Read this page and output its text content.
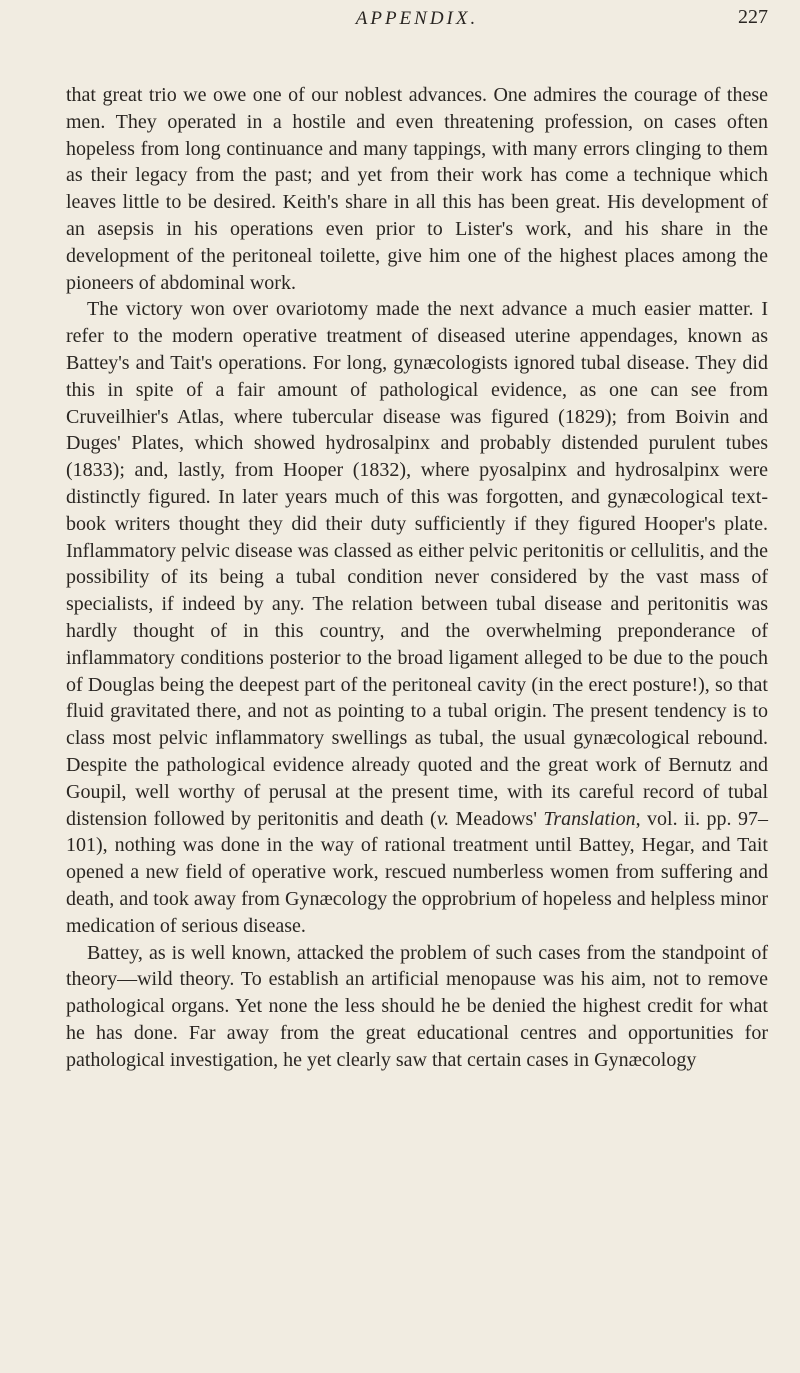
APPENDIX.	227

that great trio we owe one of our noblest advances. One admires the courage of these men. They operated in a hostile and even threatening profession, on cases often hopeless from long continuance and many tappings, with many errors clinging to them as their legacy from the past; and yet from their work has come a technique which leaves little to be desired. Keith's share in all this has been great. His development of an asepsis in his operations even prior to Lister's work, and his share in the development of the peritoneal toilette, give him one of the highest places among the pioneers of abdominal work.

The victory won over ovariotomy made the next advance a much easier matter. I refer to the modern operative treatment of diseased uterine appendages, known as Battey's and Tait's operations. For long, gynæcologists ignored tubal disease. They did this in spite of a fair amount of pathological evidence, as one can see from Cruveilhier's Atlas, where tubercular disease was figured (1829); from Boivin and Duges' Plates, which showed hydrosalpinx and probably distended purulent tubes (1833); and, lastly, from Hooper (1832), where pyosalpinx and hydrosalpinx were distinctly figured. In later years much of this was forgotten, and gynæcological text-book writers thought they did their duty sufficiently if they figured Hooper's plate. Inflammatory pelvic disease was classed as either pelvic peritonitis or cellulitis, and the possibility of its being a tubal condition never considered by the vast mass of specialists, if indeed by any. The relation between tubal disease and peritonitis was hardly thought of in this country, and the overwhelming preponderance of inflammatory conditions posterior to the broad ligament alleged to be due to the pouch of Douglas being the deepest part of the peritoneal cavity (in the erect posture!), so that fluid gravitated there, and not as pointing to a tubal origin. The present tendency is to class most pelvic inflammatory swellings as tubal, the usual gynæcological rebound. Despite the pathological evidence already quoted and the great work of Bernutz and Goupil, well worthy of perusal at the present time, with its careful record of tubal distension followed by peritonitis and death (v. Meadows' Translation, vol. ii. pp. 97–101), nothing was done in the way of rational treatment until Battey, Hegar, and Tait opened a new field of operative work, rescued numberless women from suffering and death, and took away from Gynæcology the opprobrium of hopeless and helpless minor medication of serious disease.

Battey, as is well known, attacked the problem of such cases from the standpoint of theory—wild theory. To establish an artificial menopause was his aim, not to remove pathological organs. Yet none the less should he be denied the highest credit for what he has done. Far away from the great educational centres and opportunities for pathological investigation, he yet clearly saw that certain cases in Gynæcology
